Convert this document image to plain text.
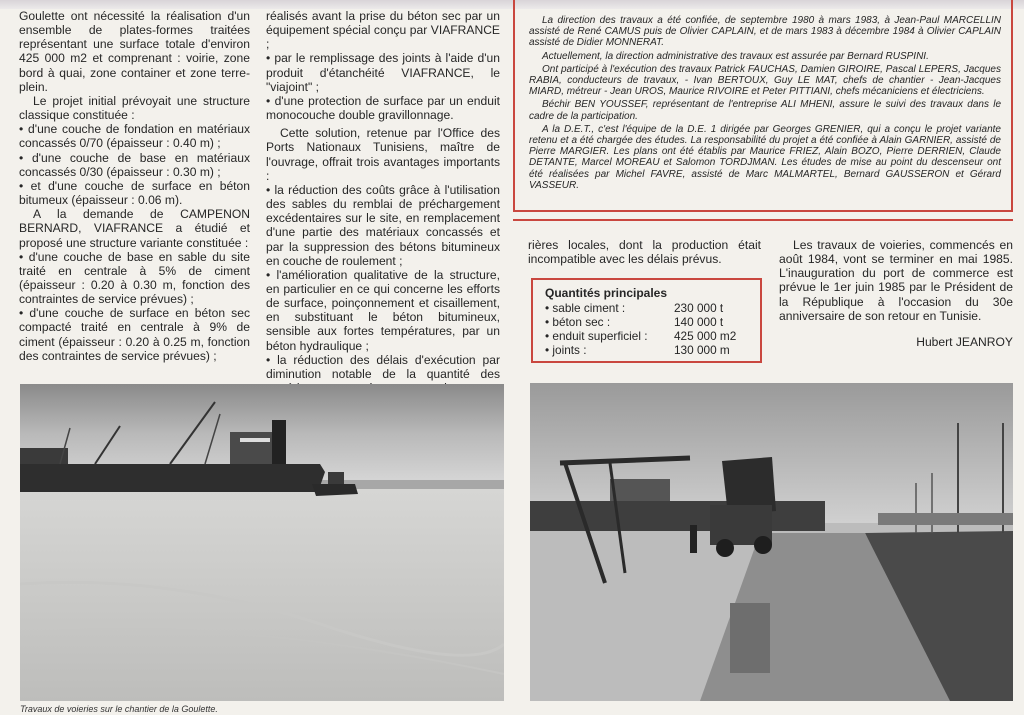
Goulette ont nécessité la réalisation d'un ensemble de plates-formes traitées représentant une surface totale d'environ 425 000 m2 et comprenant : voirie, zone bord à quai, zone container et zone terre-plein.

Le projet initial prévoyait une structure classique constituée :

• d'une couche de fondation en matériaux concassés 0/70 (épaisseur : 0.40 m) ;

• d'une couche de base en matériaux concassés 0/30 (épaisseur : 0.30 m) ;

• et d'une couche de surface en béton bitumeux (épaisseur : 0.06 m).

A la demande de CAMPENON BERNARD, VIAFRANCE a étudié et proposé une structure variante constituée :

• d'une couche de base en sable du site traité en centrale à 5% de ciment (épaisseur : 0.20 à 0.30 m, fonction des contraintes de service prévues) ;

• d'une couche de surface en béton sec compacté traité en centrale à 9% de ciment (épaisseur : 0.20 à 0.25 m, fonction des contraintes de service prévues) ;

réalisés avant la prise du béton sec par un équipement spécial conçu par VIAFRANCE ;

• par le remplissage des joints à l'aide d'un produit d'étanchéité VIAFRANCE, le "viajoint" ;

• d'une protection de surface par un enduit monocouche double gravillonnage.

Cette solution, retenue par l'Office des Ports Nationaux Tunisiens, maître de l'ouvrage, offrait trois avantages importants :

• la réduction des coûts grâce à l'utilisation des sables du remblai de préchargement excédentaires sur le site, en remplacement d'une partie des matériaux concassés et par la suppression des bétons bitumineux en couche de roulement ;

• l'amélioration qualitative de la structure, en particulier en ce qui concerne les efforts de surface, poinçonnement et cisaillement, en substituant le béton bitumineux, sensible aux fortes températures, par un béton hydraulique ;

• la réduction des délais d'exécution par diminution notable de la quantité des

La direction des travaux a été confiée, de septembre 1980 à mars 1983, à Jean-Paul MARCELLIN assisté de René CAMUS puis de Olivier CAPLAIN, et de mars 1983 à décembre 1984 à Olivier CAPLAIN assisté de Didier MONNERAT.

Actuellement, la direction administrative des travaux est assurée par Bernard RUSPINI.

Ont participé à l'exécution des travaux Patrick FAUCHAS, Damien GIROIRE, Pascal LEPERS, Jacques RABIA, conducteurs de travaux, - Ivan BERTOUX, Guy LE MAT, chefs de chantier - Jean-Jacques MIARD, métreur - Jean UROS, Maurice RIVOIRE et Peter PITTIANI, chefs mécaniciens et électriciens.

Béchir BEN YOUSSEF, représentant de l'entreprise ALI MHENI, assure le suivi des travaux dans le cadre de la participation.

A la D.E.T., c'est l'équipe de la D.E. 1 dirigée par Georges GRENIER, qui a conçu le projet variante retenu et a été chargée des études. La responsabilité du projet a été confiée à Alain GARNIER, assisté de Pierre MARGIER. Les plans ont été établis par Maurice FRIEZ, Alain BOZO, Pierre DERRIEN, Claude DETANTE, Marcel MOREAU et Salomon TORDJMAN. Les études de mise au point du descenseur ont été réalisées par Michel FAVRE, assisté de Marc MALMARTEL, Bernard GAUSSERON et Gérard VASSEUR.

rières locales, dont la production était incompatible avec les délais prévus.

Quantités principales
• sable ciment :	230 000 t
• béton sec :	140 000 t
• enduit superficiel :	425 000 m2
• joints :	130 000 m

Les travaux de voieries, commencés en août 1984, vont se terminer en mai 1985. L'inauguration du port de commerce est prévue le 1er juin 1985 par le Président de la République à l'occasion du 30e anniversaire de son retour en Tunisie.

Hubert JEANROY

Travaux de voieries sur le chantier de la Goulette.
